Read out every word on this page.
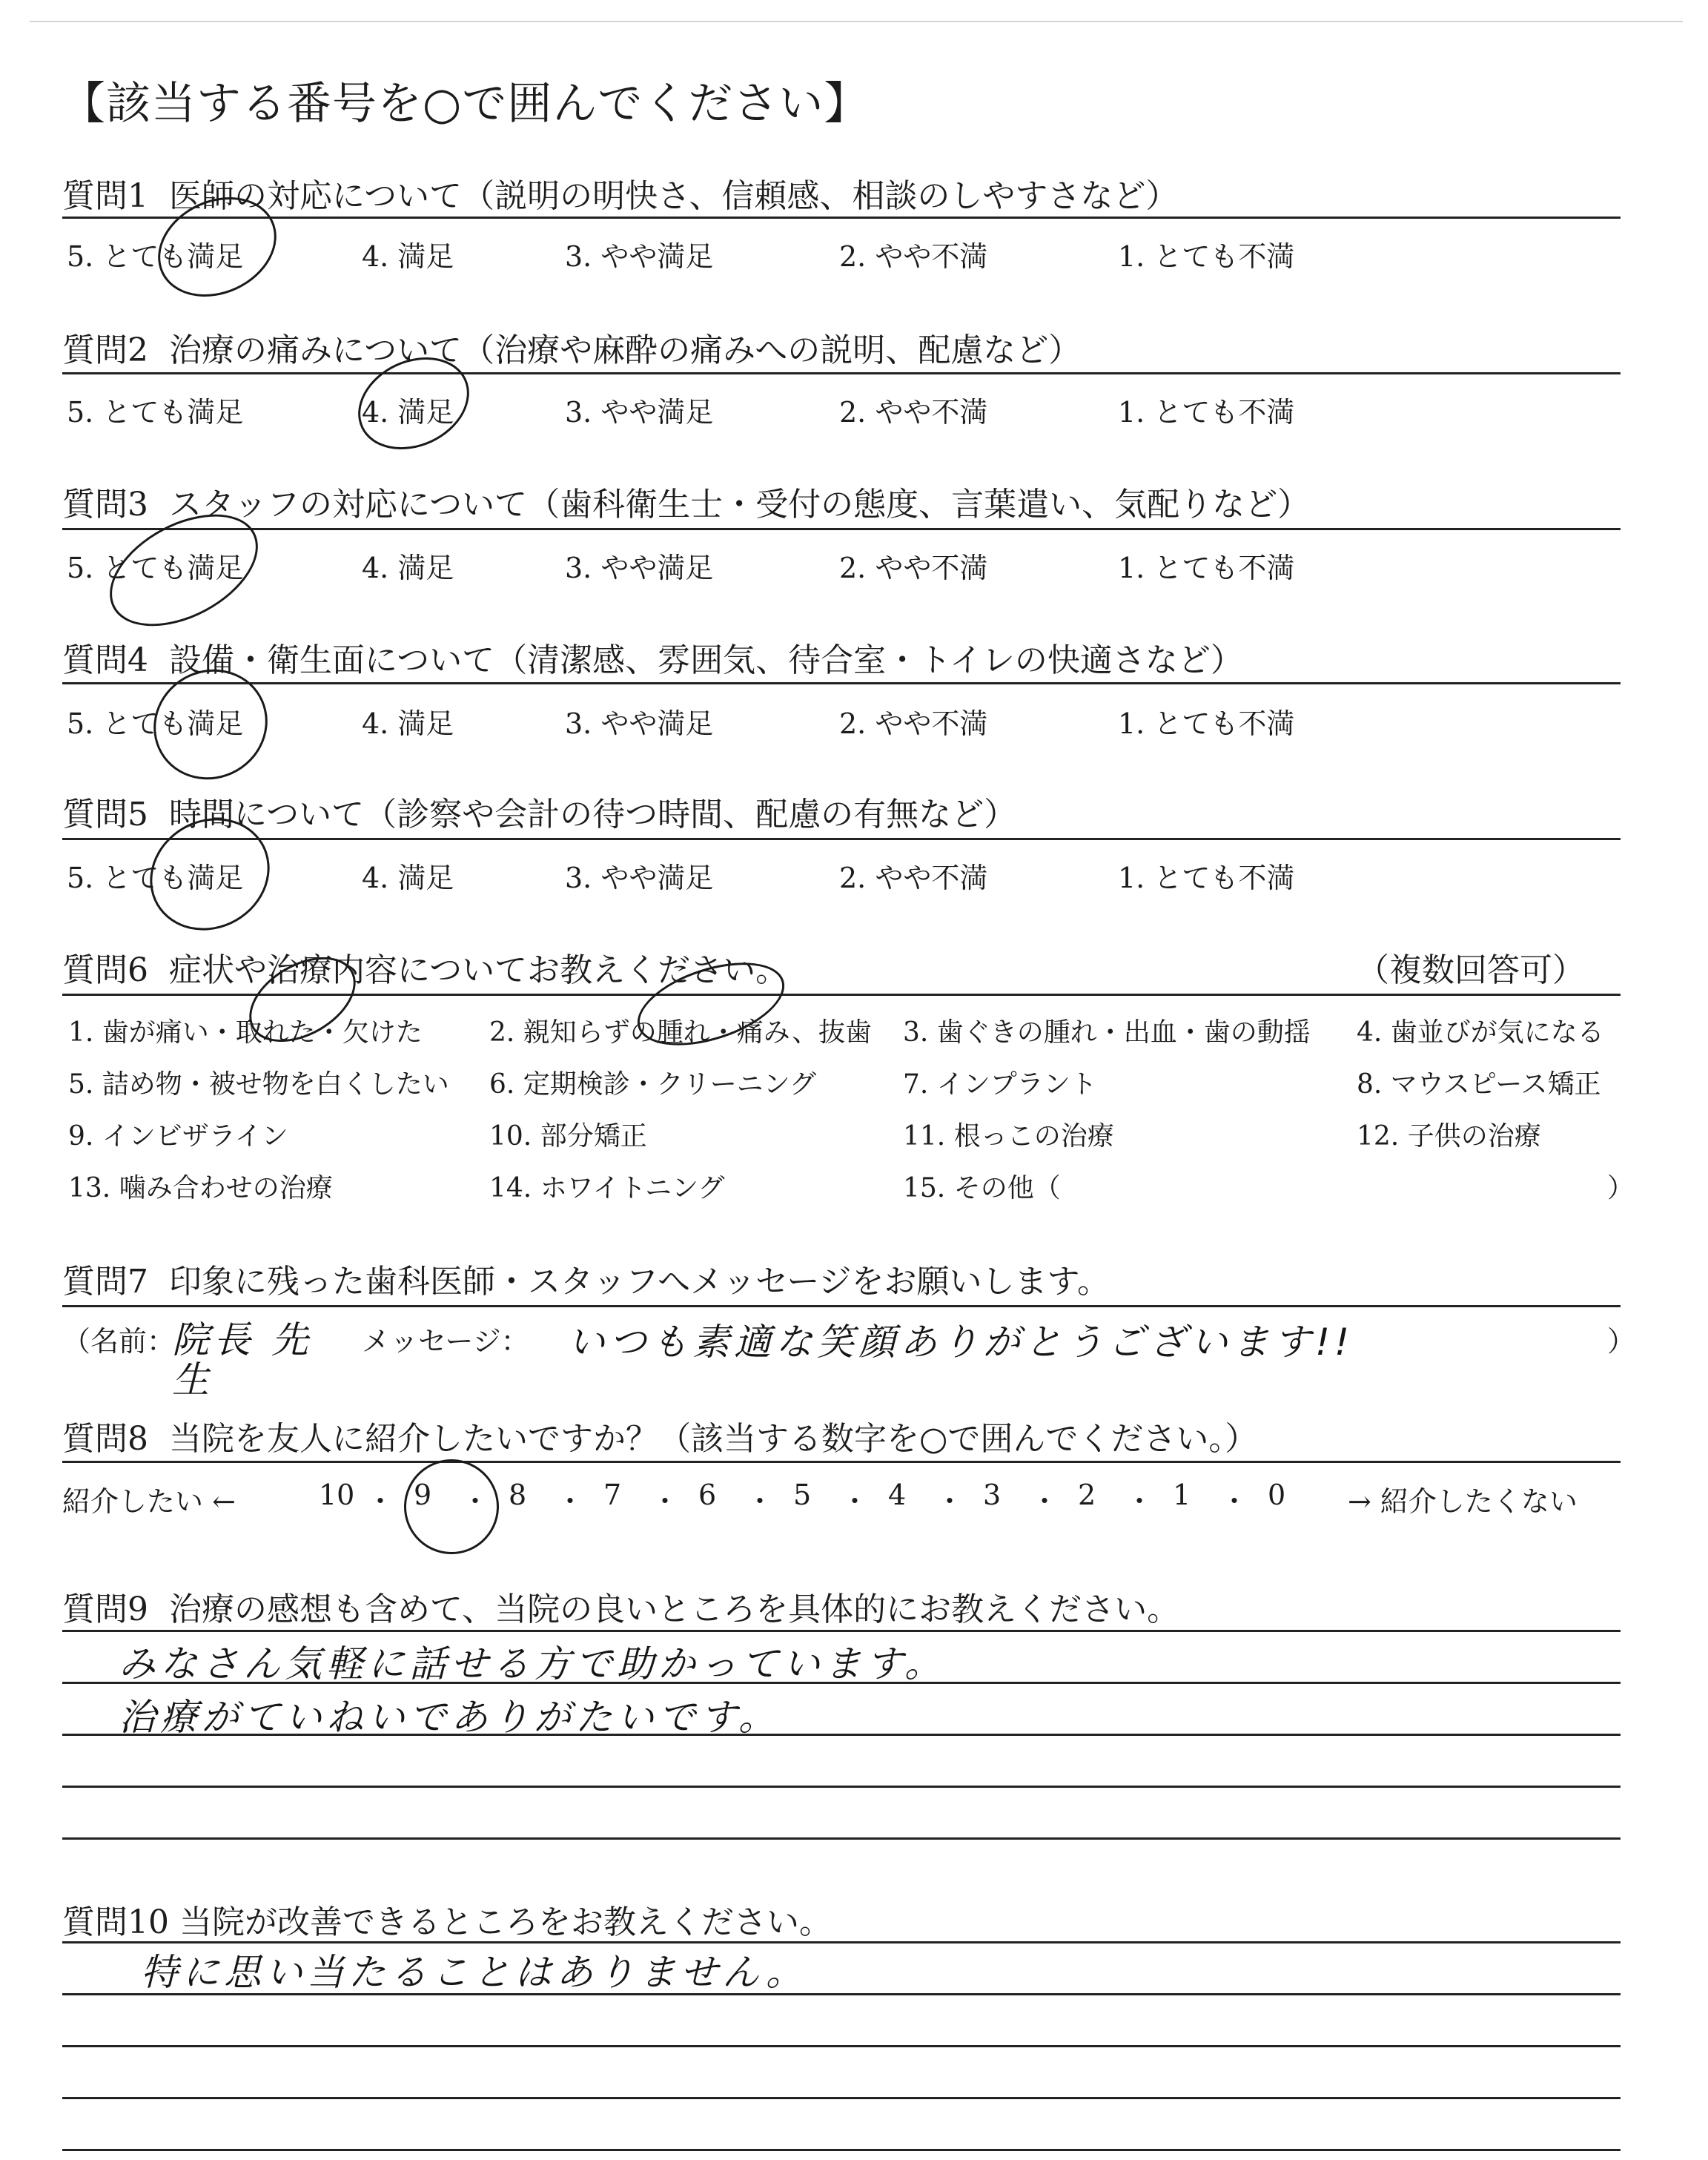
【該当する番号を○で囲んでください】
質問1 医師の対応について（説明の明快さ、信頼感、相談のしやすさなど）
5. とても満足	4. 満足	3. やや満足	2. やや不満	1. とても不満
質問2 治療の痛みについて（治療や麻酔の痛みへの説明、配慮など）
5. とても満足	4. 満足	3. やや満足	2. やや不満	1. とても不満
質問3 スタッフの対応について（歯科衛生士・受付の態度、言葉遣い、気配りなど）
5. とても満足	4. 満足	3. やや満足	2. やや不満	1. とても不満
質問4 設備・衛生面について（清潔感、雰囲気、待合室・トイレの快適さなど）
5. とても満足	4. 満足	3. やや満足	2. やや不満	1. とても不満
質問5 時間について（診察や会計の待つ時間、配慮の有無など）
5. とても満足	4. 満足	3. やや満足	2. やや不満	1. とても不満
質問6 症状や治療内容についてお教えください。	（複数回答可）
1. 歯が痛い・取れた・欠けた	2. 親知らずの腫れ・痛み、抜歯 3. 歯ぐきの腫れ・出血・歯の動揺 4. 歯並びが気になる
5. 詰め物・被せ物を白くしたい 6. 定期検診・クリーニング	7. インプラント	8. マウスピース矯正
9. インビザライン	10. 部分矯正	11. 根っこの治療	12. 子供の治療
13. 噛み合わせの治療	14. ホワイトニング	15. その他（	）
質問7 印象に残った歯科医師・スタッフへメッセージをお願いします。
（名前：
院長 先生
メッセージ： いつも素適な笑顔ありがとうございます!!	）
質問8 当院を友人に紹介したいですか？（該当する数字を○で囲んでください。）
紹介したい ←	10 ・ 9 ・ 8 ・ 7 ・ 6 ・ 5 ・ 4 ・ 3 ・ 2 ・ 1 ・ 0 → 紹介したくない
質問9 治療の感想も含めて、当院の良いところを具体的にお教えください。
みなさん気軽に話せる方で助かっています。
治療がていねいでありがたいです。
質問10 当院が改善できるところをお教えください。
特に思い当たることはありません。
